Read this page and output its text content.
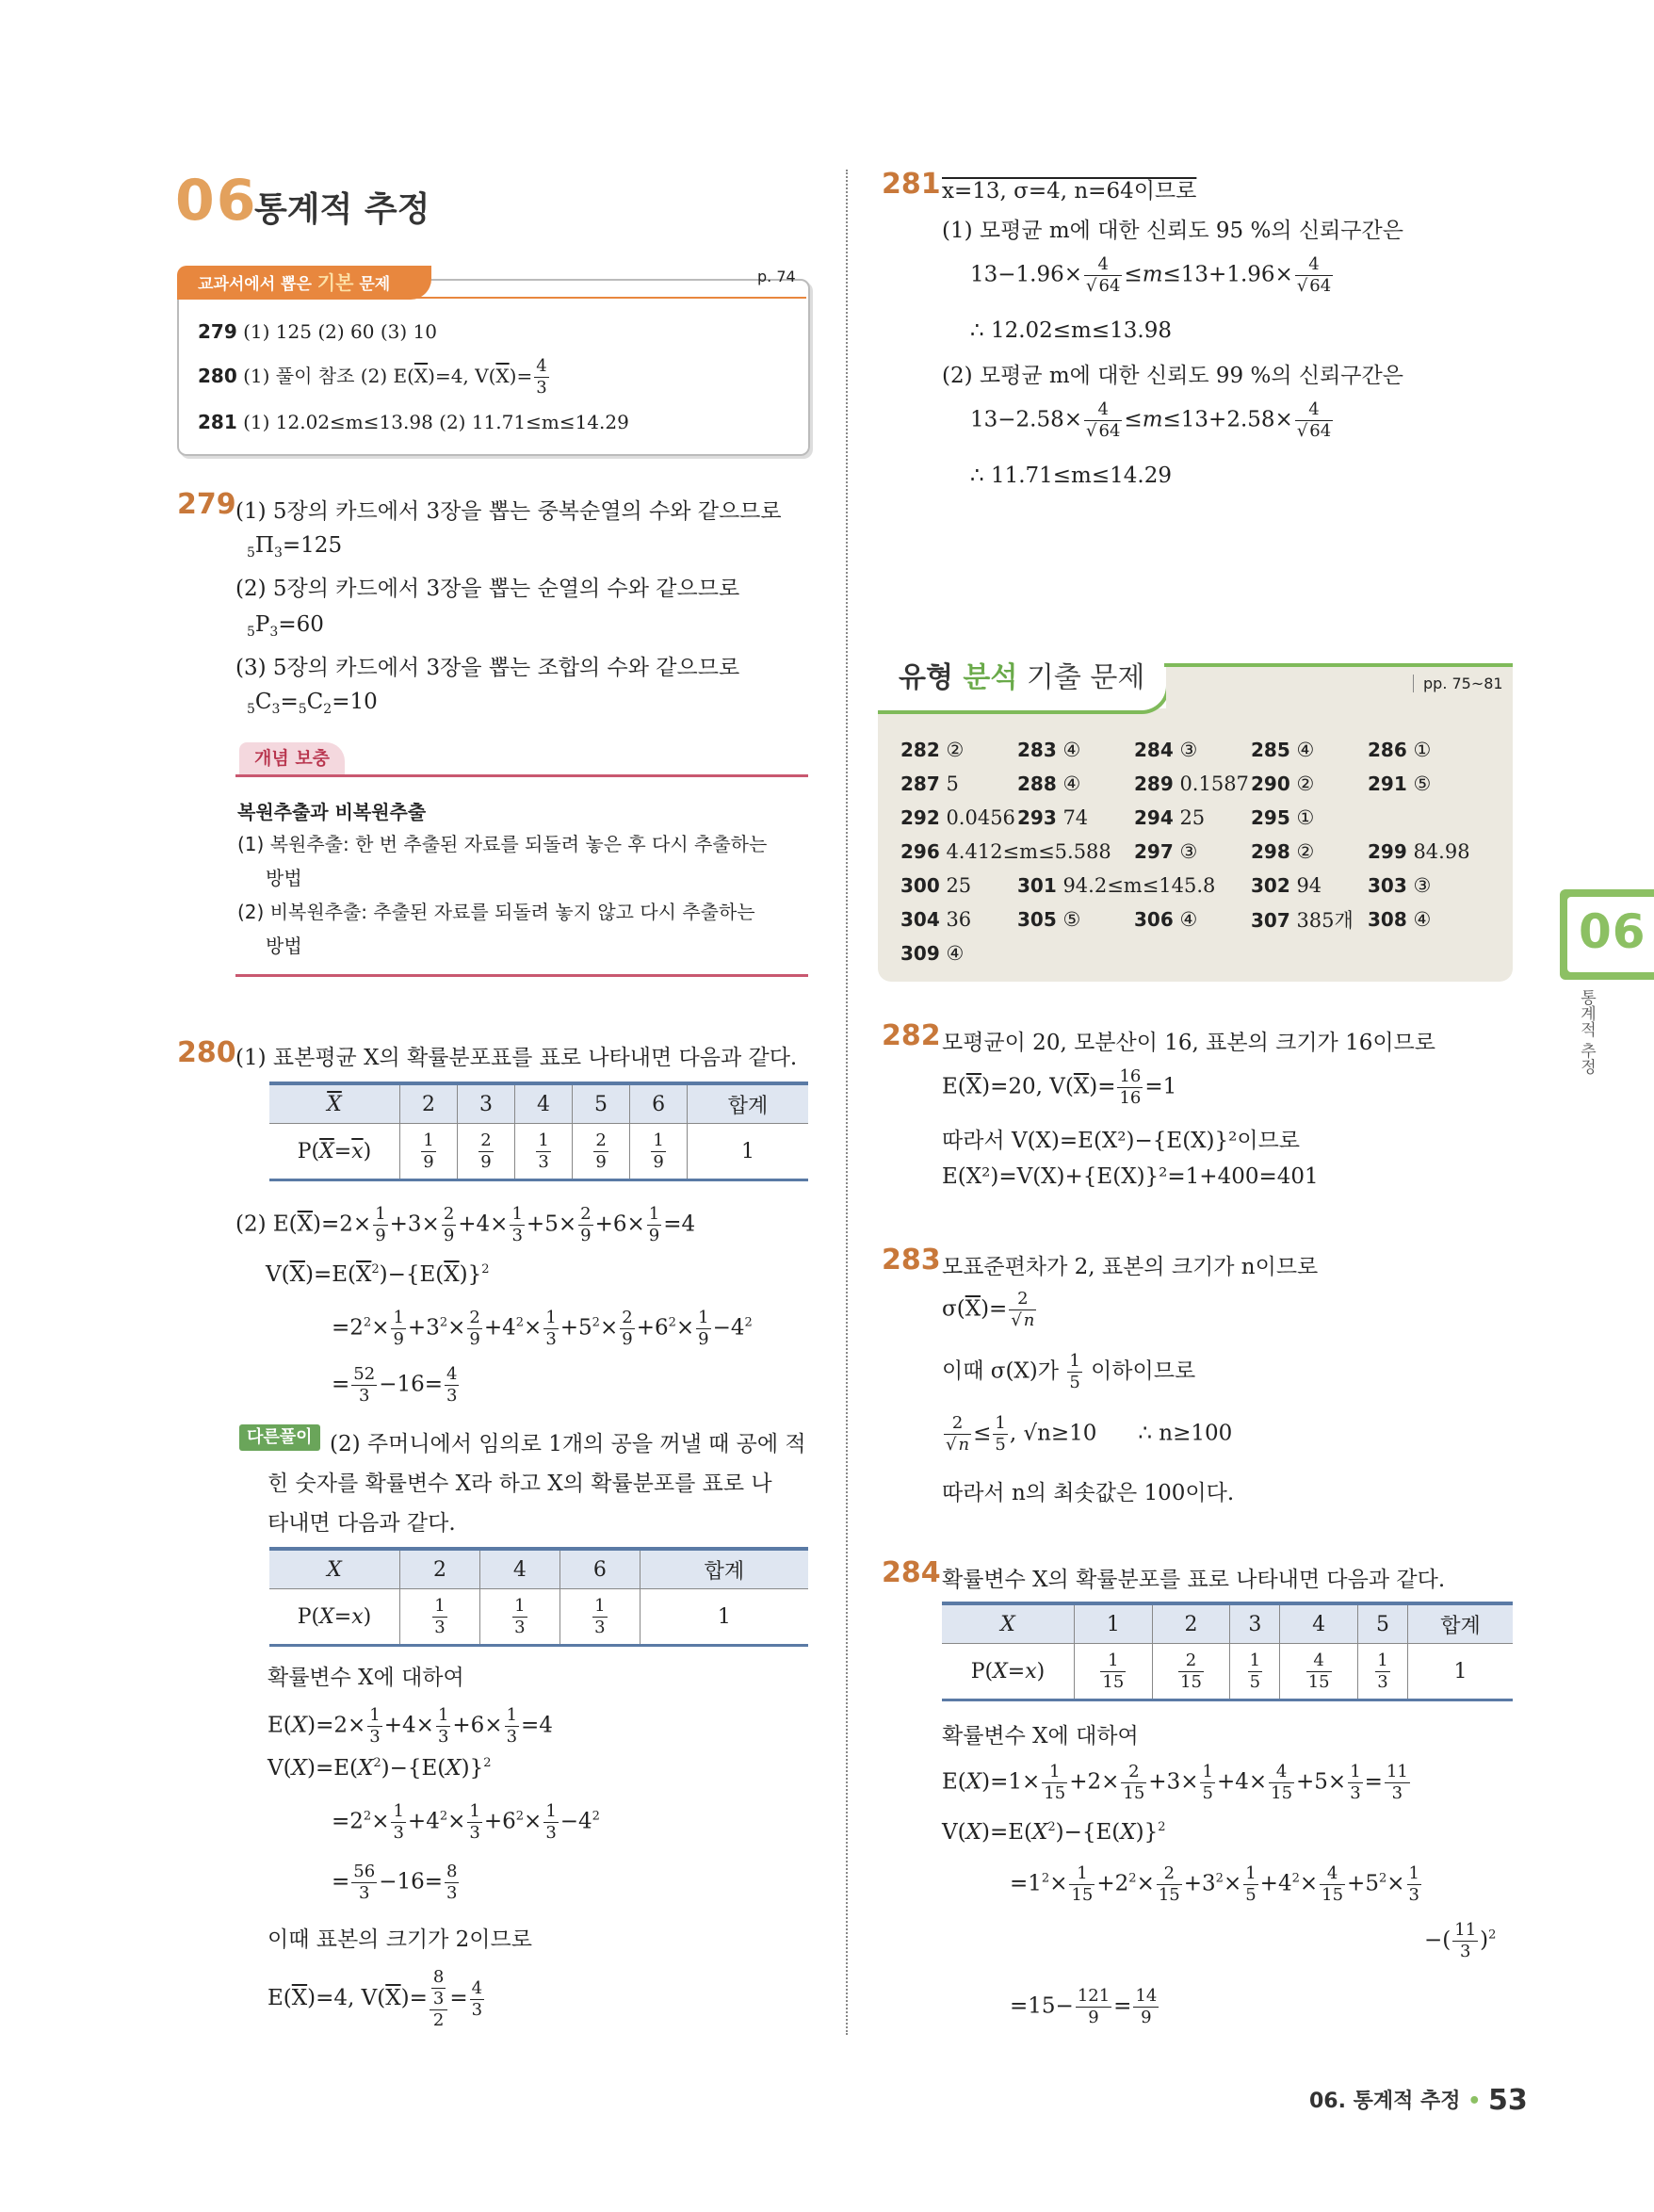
06
통계적 추정
교과서에서 뽑은 기본 문제	p. 74
279 (1) 125 (2) 60 (3) 10
280 (1) 풀이 참조 (2) $E(\overline{X})=4$, $V(\overline{X})= \frac{4}{3}$
281 (1) 12.02≤m≤13.98 (2) 11.71≤m≤14.29
279 (1) 5장의 카드에서 3장을 뽑는 중복순열의 수와 같으므로
$_5\Pi_3=125$
(2) 5장의 카드에서 3장을 뽑는 순열의 수와 같으므로
$_5P_3=60$
(3) 5장의 카드에서 3장을 뽑는 조합의 수와 같으므로
$_5C_3=_5C_2=10$
개념 보충
복원추출과 비복원추출
(1) 복원추출: 한 번 추출된 자료를 되돌려 놓은 후 다시 추출하는
방법
(2) 비복원추출: 추출된 자료를 되돌려 놓지 않고 다시 추출하는
방법
280 (1) 표본평균 X의 확률분포표를 표로 나타내면 다음과 같다.
$\overline{X}$	2	3	4	5	6	합계
$P(\overline{X}=\overline{x})$	$\frac{1}{9}$	$\frac{2}{9}$	$\frac{1}{3}$	$\frac{2}{9}$	$\frac{1}{9}$	1
(2) $E(\overline{X})=2\times \frac{1}{9} +3\times \frac{2}{9} +4\times \frac{1}{3} +5\times \frac{2}{9} +6\times \frac{1}{9} =4$
$V(\overline{X})=E(\overline{X}^2)-\{E(\overline{X})\}^2$
$=2^2\times \frac{1}{9} +3^2\times \frac{2}{9} +4^2\times \frac{1}{3} +5^2\times \frac{2}{9} +6^2\times \frac{1}{9} -4^2$
= $\frac{52}{3} -16= \frac{4}{3}$
다른풀이 (2) 주머니에서 임의로 1개의 공을 꺼낼 때 공에 적
힌 숫자를 확률변수 X라 하고 X의 확률분포를 표로 나
타내면 다음과 같다.
X	2	4	6	합계
P(X=x)	$\frac{1}{3}$	$\frac{1}{3}$	$\frac{1}{3}$	1
확률변수 X에 대하여
$E(X)=2\times \frac{1}{3} +4\times \frac{1}{3} +6\times \frac{1}{3} =4$
$V(X)=E(X^2)-\{E(X)\}^2$
$=2^2\times \frac{1}{3} +4^2\times \frac{1}{3} +6^2\times \frac{1}{3} -4^2$
= $\frac{56}{3} -16= \frac{8}{3}$
이때 표본의 크기가 2이므로
$E(\overline{X})=4$, $V(\overline{X})= \frac{\frac{8}{3}}{2} = \frac{4}{3}$
281 x=13, σ=4, n=64이므로
(1) 모평균 m에 대한 신뢰도 95 %의 신뢰구간은
$13-1.96\times \frac{4}{√ 64} \le m\le 13+1.96\times \frac{4}{√ 64}$
∴ 12.02≤m≤13.98
(2) 모평균 m에 대한 신뢰도 99 %의 신뢰구간은
$13-2.58\times \frac{4}{√ 64} \le m\le 13+2.58\times \frac{4}{√ 64}$
∴ 11.71≤m≤14.29
유형 분석 기출 문제	pp. 75~81
282 ②	283 ④	284 ③	285 ④	286 ①
287 5	288 ④	289 0.1587	290 ②	291 ⑤
292 0.0456	293 74	294 25	295 ①	
296 4.412≤m≤5.588		297 ③	298 ②	299 84.98
300 25	301 94.2≤m≤145.8		302 94	303 ③
304 36	305 ⑤	306 ④	307 385개	308 ④
309 ④				
282 모평균이 20, 모분산이 16, 표본의 크기가 16이므로
$E(\overline{X})=20$, $V(\overline{X})= \frac{16}{16} =1$
따라서 V(X)=E(X²)−{E(X)}²이므로
E(X²)=V(X)+{E(X)}²=1+400=401
283 모표준편차가 2, 표본의 크기가 n이므로
$\sigma(\overline{X})= \frac{2}{√ n}$
이때 σ(X)가 $\frac{1}{5}$ 이하이므로
$\frac{2}{√ n} \le \frac{1}{5}$ , √n≥10 ∴ n≥100
따라서 n의 최솟값은 100이다.
284 확률변수 X의 확률분포를 표로 나타내면 다음과 같다.
X	1	2	3	4	5	합계
P(X=x)	$\frac{1}{15}$	$\frac{2}{15}$	$\frac{1}{5}$	$\frac{4}{15}$	$\frac{1}{3}$	1
확률변수 X에 대하여
$E(X)=1\times \frac{1}{15} +2\times \frac{2}{15} +3\times \frac{1}{5} +4\times \frac{4}{15} +5\times \frac{1}{3} = \frac{11}{3}$
$V(X)=E(X^2)-\{E(X)\}^2$
$=1^2\times \frac{1}{15} +2^2\times \frac{2}{15} +3^2\times \frac{1}{5} +4^2\times \frac{4}{15} +5^2\times \frac{1}{3}$
−( $\frac{11}{3} )^2$
$=15- \frac{121}{9} = \frac{14}{9}$
06
통계적 추정
06. 통계적 추정 • 53
